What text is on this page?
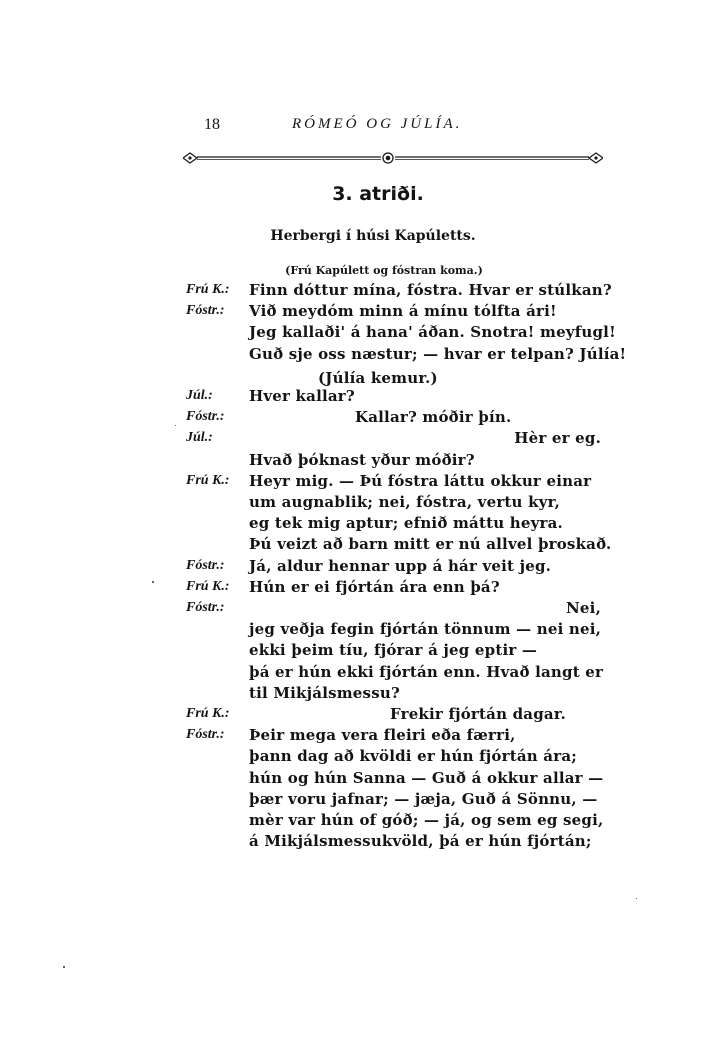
18	RÓMEÓ OG JÚLÍA.
3. atriði.
Herbergi í húsi Kapúletts.
(Frú Kapúlett og fóstran koma.)
Frú K.: Finn dóttur mína, fóstra. Hvar er stúlkan?
Fóstr.: Við meydóm minn á mínu tólfta ári!
Jeg kallaði' á hana' áðan. Snotra! meyfugl!
Guð sje oss næstur; — hvar er telpan? Júlía!
(Júlía kemur.)
Júl.: Hver kallar?
Fóstr.:	Kallar? móðir þín.
Júl.:	Hèr er eg.
Hvað þóknast yður móðir?
Frú K.: Heyr mig. — Þú fóstra láttu okkur einar
um augnablik; nei, fóstra, vertu kyr,
eg tek mig aptur; efnið máttu heyra.
Þú veizt að barn mitt er nú allvel þroskað.
Fóstr.: Já, aldur hennar upp á hár veit jeg.
Frú K.: Hún er ei fjórtán ára enn þá?
Fóstr.:	Nei,
jeg veðja fegin fjórtán tönnum — nei nei,
ekki þeim tíu, fjórar á jeg eptir —
þá er hún ekki fjórtán enn. Hvað langt er
til Mikjálsmessu?
Frú K.:	Frekir fjórtán dagar.
Fóstr.: Þeir mega vera fleiri eða færri,
þann dag að kvöldi er hún fjórtán ára;
hún og hún Sanna — Guð á okkur allar —
þær voru jafnar; — jæja, Guð á Sönnu, —
mèr var hún of góð; — já, og sem eg segi,
á Mikjálsmessukvöld, þá er hún fjórtán;
